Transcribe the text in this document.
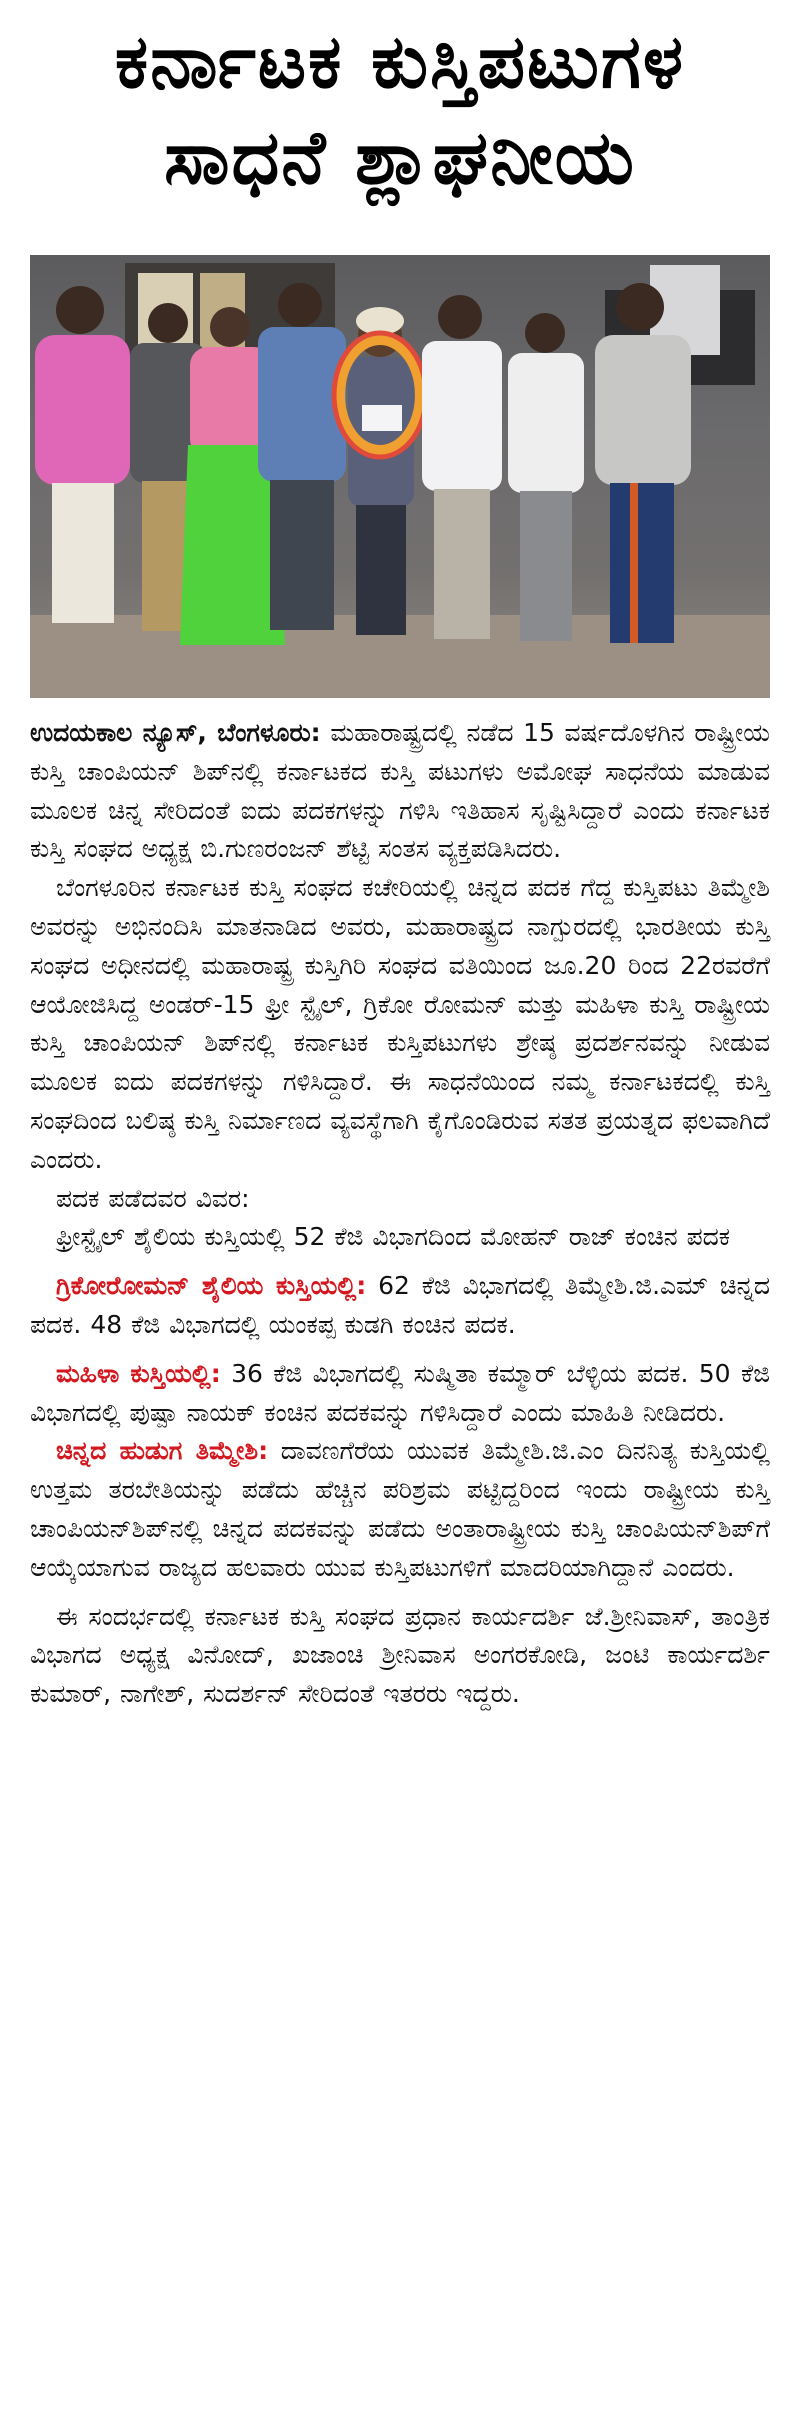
ಕರ್ನಾಟಕ ಕುಸ್ತಿಪಟುಗಳ
ಸಾಧನೆ ಶ್ಲಾಘನೀಯ

ಉದಯಕಾಲ ನ್ಯೂಸ್, ಬೆಂಗಳೂರು: ಮಹಾರಾಷ್ಟ್ರದಲ್ಲಿ ನಡೆದ 15 ವರ್ಷದೊಳಗಿನ ರಾಷ್ಟ್ರೀಯ ಕುಸ್ತಿ ಚಾಂಪಿಯನ್ ಶಿಪ್‌ನಲ್ಲಿ ಕರ್ನಾಟಕದ ಕುಸ್ತಿ ಪಟುಗಳು ಅಮೋಘ ಸಾಧನೆಯ ಮಾಡುವ ಮೂಲಕ ಚಿನ್ನ ಸೇರಿದಂತೆ ಐದು ಪದಕಗಳನ್ನು ಗಳಿಸಿ ಇತಿಹಾಸ ಸೃಷ್ಟಿಸಿದ್ದಾರೆ ಎಂದು ಕರ್ನಾಟಕ ಕುಸ್ತಿ ಸಂಘದ ಅಧ್ಯಕ್ಷ ಬಿ.ಗುಣರಂಜನ್ ಶೆಟ್ಟಿ ಸಂತಸ ವ್ಯಕ್ತಪಡಿಸಿದರು.

ಬೆಂಗಳೂರಿನ ಕರ್ನಾಟಕ ಕುಸ್ತಿ ಸಂಘದ ಕಚೇರಿಯಲ್ಲಿ ಚಿನ್ನದ ಪದಕ ಗೆದ್ದ ಕುಸ್ತಿಪಟು ತಿಮ್ಮೇಶಿ ಅವರನ್ನು ಅಭಿನಂದಿಸಿ ಮಾತನಾಡಿದ ಅವರು, ಮಹಾರಾಷ್ಟ್ರದ ನಾಗ್ಪುರದಲ್ಲಿ ಭಾರತೀಯ ಕುಸ್ತಿ ಸಂಘದ ಅಧೀನದಲ್ಲಿ ಮಹಾರಾಷ್ಟ್ರ ಕುಸ್ತಿಗಿರಿ ಸಂಘದ ವತಿಯಿಂದ ಜೂ.20 ರಿಂದ 22ರವರೆಗೆ ಆಯೋಜಿಸಿದ್ದ ಅಂಡರ್-15 ಫ್ರೀ ಸ್ಟೈಲ್, ಗ್ರಿಕೋ ರೋಮನ್ ಮತ್ತು ಮಹಿಳಾ ಕುಸ್ತಿ ರಾಷ್ಟ್ರೀಯ ಕುಸ್ತಿ ಚಾಂಪಿಯನ್ ಶಿಪ್‌ನಲ್ಲಿ ಕರ್ನಾಟಕ ಕುಸ್ತಿಪಟುಗಳು ಶ್ರೇಷ್ಠ ಪ್ರದರ್ಶನವನ್ನು ನೀಡುವ ಮೂಲಕ ಐದು ಪದಕಗಳನ್ನು ಗಳಿಸಿದ್ದಾರೆ. ಈ ಸಾಧನೆಯಿಂದ ನಮ್ಮ ಕರ್ನಾಟಕದಲ್ಲಿ ಕುಸ್ತಿ ಸಂಘದಿಂದ ಬಲಿಷ್ಠ ಕುಸ್ತಿ ನಿರ್ಮಾಣದ ವ್ಯವಸ್ಥೆಗಾಗಿ ಕೈಗೊಂಡಿರುವ ಸತತ ಪ್ರಯತ್ನದ ಫಲವಾಗಿದೆ ಎಂದರು.

ಪದಕ ಪಡೆದವರ ವಿವರ:

ಫ್ರೀಸ್ಟೈಲ್ ಶೈಲಿಯ ಕುಸ್ತಿಯಲ್ಲಿ 52 ಕೆಜಿ ವಿಭಾಗದಿಂದ ಮೋಹನ್ ರಾಜ್ ಕಂಚಿನ ಪದಕ

ಗ್ರಿಕೋರೋಮನ್ ಶೈಲಿಯ ಕುಸ್ತಿಯಲ್ಲಿ: 62 ಕೆಜಿ ವಿಭಾಗದಲ್ಲಿ ತಿಮ್ಮೇಶಿ.ಜಿ.ಎಮ್ ಚಿನ್ನದ ಪದಕ. 48 ಕೆಜಿ ವಿಭಾಗದಲ್ಲಿ ಯಂಕಪ್ಪ ಕುಡಗಿ ಕಂಚಿನ ಪದಕ.

ಮಹಿಳಾ ಕುಸ್ತಿಯಲ್ಲಿ: 36 ಕೆಜಿ ವಿಭಾಗದಲ್ಲಿ ಸುಷ್ಮಿತಾ ಕಮ್ಮಾರ್ ಬೆಳ್ಳಿಯ ಪದಕ. 50 ಕೆಜಿ ವಿಭಾಗದಲ್ಲಿ ಪುಷ್ಪಾ ನಾಯಕ್ ಕಂಚಿನ ಪದಕವನ್ನು ಗಳಿಸಿದ್ದಾರೆ ಎಂದು ಮಾಹಿತಿ ನೀಡಿದರು.

ಚಿನ್ನದ ಹುಡುಗ ತಿಮ್ಮೇಶಿ: ದಾವಣಗೆರೆಯ ಯುವಕ ತಿಮ್ಮೇಶಿ.ಜಿ.ಎಂ ದಿನನಿತ್ಯ ಕುಸ್ತಿಯಲ್ಲಿ ಉತ್ತಮ ತರಬೇತಿಯನ್ನು ಪಡೆದು ಹೆಚ್ಚಿನ ಪರಿಶ್ರಮ ಪಟ್ಟಿದ್ದರಿಂದ ಇಂದು ರಾಷ್ಟ್ರೀಯ ಕುಸ್ತಿ ಚಾಂಪಿಯನ್‌ಶಿಪ್‌ನಲ್ಲಿ ಚಿನ್ನದ ಪದಕವನ್ನು ಪಡೆದು ಅಂತಾರಾಷ್ಟ್ರೀಯ ಕುಸ್ತಿ ಚಾಂಪಿಯನ್‌ಶಿಪ್‌ಗೆ ಆಯ್ಕೆಯಾಗುವ ರಾಜ್ಯದ ಹಲವಾರು ಯುವ ಕುಸ್ತಿಪಟುಗಳಿಗೆ ಮಾದರಿಯಾಗಿದ್ದಾನೆ ಎಂದರು.

ಈ ಸಂದರ್ಭದಲ್ಲಿ ಕರ್ನಾಟಕ ಕುಸ್ತಿ ಸಂಘದ ಪ್ರಧಾನ ಕಾರ್ಯದರ್ಶಿ ಜೆ.ಶ್ರೀನಿವಾಸ್, ತಾಂತ್ರಿಕ ವಿಭಾಗದ ಅಧ್ಯಕ್ಷ ವಿನೋದ್, ಖಜಾಂಚಿ ಶ್ರೀನಿವಾಸ ಅಂಗರಕೋಡಿ, ಜಂಟಿ ಕಾರ್ಯದರ್ಶಿ ಕುಮಾರ್, ನಾಗೇಶ್, ಸುದರ್ಶನ್ ಸೇರಿದಂತೆ ಇತರರು ಇದ್ದರು.
